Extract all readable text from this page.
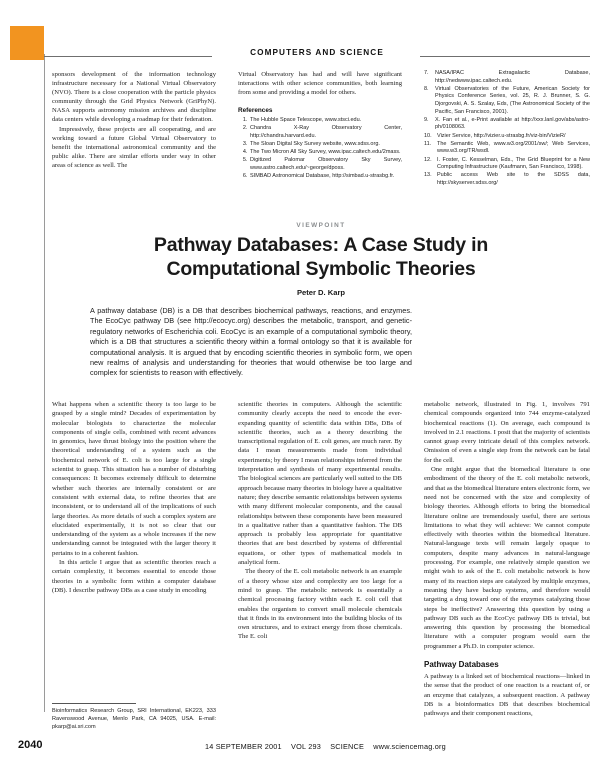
COMPUTERS AND SCIENCE

sponsors development of the information technology infrastructure necessary for a National Virtual Observatory (NVO). There is a close cooperation with the particle physics community through the Grid Physics Network (GriPhyN). NASA supports astronomy mission archives and discipline data centers while developing a roadmap for their federation.

Impressively, these projects are all cooperating, and are working toward a future Global Virtual Observatory to benefit the international astronomical community and the public alike. There are similar efforts under way in other areas of science as well. The

Virtual Observatory has had and will have significant interactions with other science communities, both learning from some and providing a model for others.

References
1. The Hubble Space Telescope, www.stsci.edu.
2. Chandra X-Ray Observatory Center, http://chandra.harvard.edu.
3. The Sloan Digital Sky Survey website, www.sdss.org.
4. The Two Micron All Sky Survey, www.ipac.caltech.edu/2mass.
5. Digitized Palomar Observatory Sky Survey, www.astro.caltech.edu/~george/dposs.
6. SIMBAD Astronomical Database, http://simbad.u-strasbg.fr.
7. NASA/IPAC Extragalactic Database, http://nedwww.ipac.caltech.edu.
8. Virtual Observatories of the Future, American Society for Physics Conference Series, vol. 25, R. J. Brunner, S. G. Djorgovski, A. S. Szalay, Eds, (The Astronomical Society of the Pacific, San Francisco, 2001).
9. X. Fan et al., e-Print available at http://xxx.lanl.gov/abs/astro-ph/0108063.
10. Vizier Service, http://vizier.u-strasbg.fr/viz-bin/VizieR/
11. The Semantic Web, www.w3.org/2001/sw/; Web Services, www.w3.org/TR/wsdl.
12. I. Foster, C. Kesselman, Eds., The Grid Blueprint for a New Computing Infrastructure (Kaufmann, San Francisco, 1998).
13. Public access Web site to the SDSS data, http://skyserver.sdss.org/
VIEWPOINT
Pathway Databases: A Case Study in
Computational Symbolic Theories
Peter D. Karp
A pathway database (DB) is a DB that describes biochemical pathways, reactions, and enzymes. The EcoCyc pathway DB (see http://ecocyc.org) describes the metabolic, transport, and genetic-regulatory networks of Escherichia coli. EcoCyc is an example of a computational symbolic theory, which is a DB that structures a scientific theory within a formal ontology so that it is available for computational analysis. It is argued that by encoding scientific theories in symbolic form, we open new realms of analysis and understanding for theories that would otherwise be too large and complex for scientists to reason with effectively.

What happens when a scientific theory is too large to be grasped by a single mind? Decades of experimentation by molecular biologists to characterize the molecular components of single cells, combined with recent advances in genomics, have thrust biology into the position where the theoretical understanding of a system such as the biochemical network of E. coli is too large for a single scientist to grasp. This situation has a number of disturbing consequences: It becomes extremely difficult to determine whether such theories are internally consistent or are consistent with external data, to refine theories that are inconsistent, or to understand all of the implications of such large theories. As more details of such a complex system are elucidated experimentally, it is not so clear that our understanding of the system as a whole increases if the new understanding cannot be integrated with the larger theory it pertains to in a coherent fashion.

In this article I argue that as scientific theories reach a certain complexity, it becomes essential to encode those theories in a symbolic form within a computer database (DB). I describe pathway DBs as a case study in encoding

scientific theories in computers. Although the scientific community clearly accepts the need to encode the ever-expanding quantity of scientific data within DBs, DBs of scientific theories, such as a theory describing the transcriptional regulation of E. coli genes, are much rarer. By data I mean measurements made from individual experiments; by theory I mean relationships inferred from the interpretation and synthesis of many experimental results. The biological sciences are particularly well suited to the DB approach because many theories in biology have a qualitative nature; they describe semantic relationships between systems with many different molecular components, and the causal relationships between these components have been measured in a qualitative rather than a quantitative fashion. The DB approach is probably less appropriate for quantitative theories that are best described by systems of differential equations, or other types of mathematical models in analytical form.

The theory of the E. coli metabolic network is an example of a theory whose size and complexity are too large for a mind to grasp. The metabolic network is essentially a chemical processing factory within each E. coli cell that enables the organism to convert small molecule chemicals that it finds in its environment into the building blocks of its own structures, and to extract energy from those chemicals. The E. coli

metabolic network, illustrated in Fig. 1, involves 791 chemical compounds organized into 744 enzyme-catalyzed biochemical reactions (1). On average, each compound is involved in 2.1 reactions. I posit that the majority of scientists cannot grasp every intricate detail of this complex network. Omission of even a single step from the network can be fatal for the cell.

One might argue that the biomedical literature is one embodiment of the theory of the E. coli metabolic network, and that as the biomedical literature enters electronic form, we need not be concerned with the size and complexity of biology theories. Although efforts to bring the biomedical literature online are tremendously useful, there are serious limitations to what they will achieve: We cannot compute effectively with theories within the biomedical literature. Natural-language texts will remain largely opaque to computers, despite many advances in natural-language processing. For example, one relatively simple question we might wish to ask of the E. coli metabolic network is how many of its reaction steps are catalyzed by multiple enzymes, meaning they have backup systems, and therefore would targeting a drug toward one of the enzymes catalyzing those steps be ineffective? Answering this question by using a pathway DB such as the EcoCyc pathway DB is trivial, but answering this question by processing the biomedical literature with a computer program would earn the programmer a Ph.D. in computer science.

Pathway Databases

A pathway is a linked set of biochemical reactions—linked in the sense that the product of one reaction is a reactant of, or an enzyme that catalyzes, a subsequent reaction. A pathway DB is a bioinformatics DB that describes biochemical pathways and their component reactions,

Bioinformatics Research Group, SRI International, EK223, 333 Ravenswood Avenue, Menlo Park, CA 94025, USA. E-mail: pkarp@ai.sri.com
2040	14 SEPTEMBER 2001 VOL 293 SCIENCE www.sciencemag.org
